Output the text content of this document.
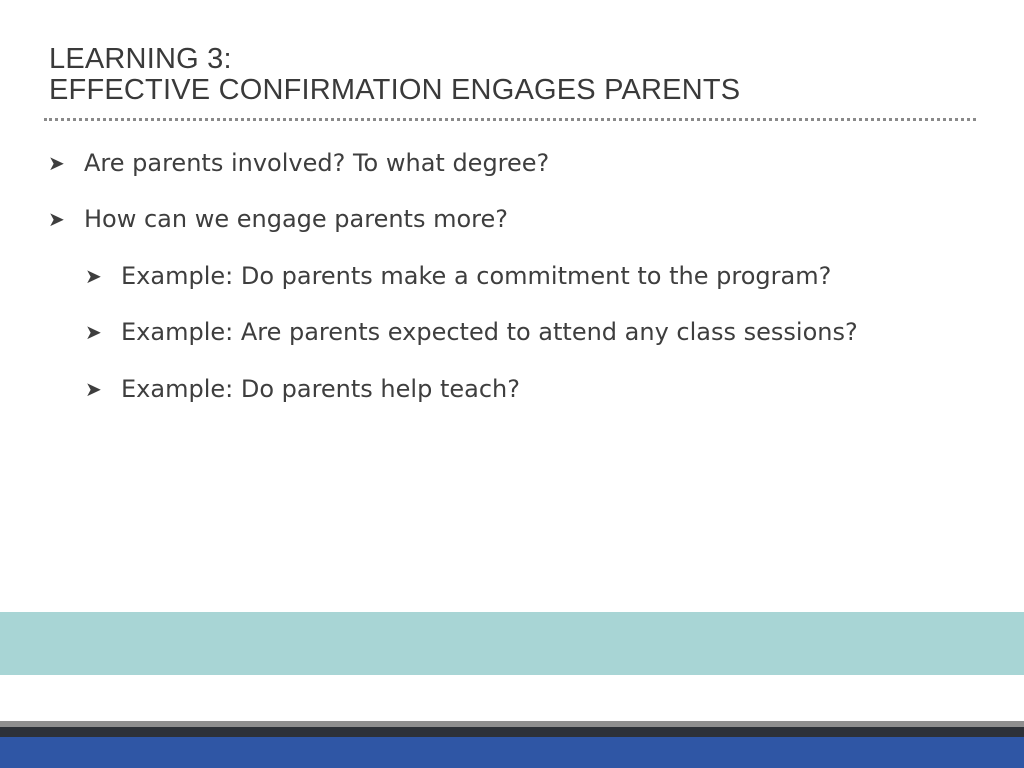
LEARNING 3:
EFFECTIVE CONFIRMATION ENGAGES PARENTS
➤ Are parents involved? To what degree?
➤ How can we engage parents more?
➤ Example: Do parents make a commitment to the program?
➤ Example: Are parents expected to attend any class sessions?
➤ Example: Do parents help teach?
